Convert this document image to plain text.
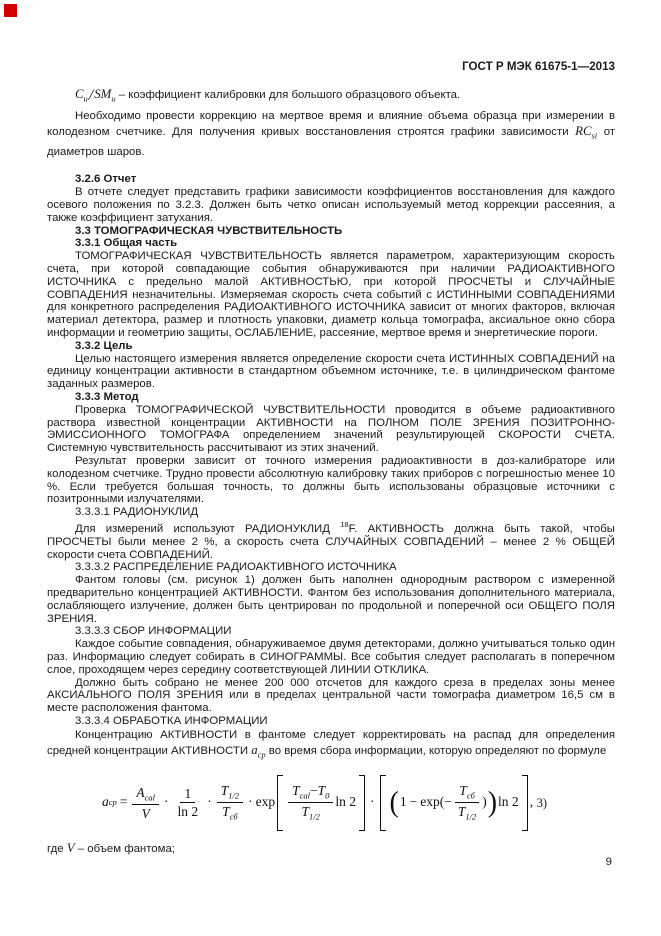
ГОСТ Р МЭК 61675-1—2013

$C_u/SM_u$ – коэффициент калибровки для большого образцового объекта.

Необходимо провести коррекцию на мертвое время и влияние объема образца при измерении в колодезном счетчике. Для получения кривых восстановления строятся графики зависимости $RC_{si}$ от диаметров шаров.

3.2.6 Отчет

В отчете следует представить графики зависимости коэффициентов восстановления для каждого осевого положения по 3.2.3. Должен быть четко описан используемый метод коррекции рассеяния, а также коэффициент затухания.

3.3 ТОМОГРАФИЧЕСКАЯ ЧУВСТВИТЕЛЬНОСТЬ

3.3.1 Общая часть

ТОМОГРАФИЧЕСКАЯ ЧУВСТВИТЕЛЬНОСТЬ является параметром, характеризующим скорость счета, при которой совпадающие события обнаруживаются при наличии РАДИОАКТИВНОГО ИСТОЧНИКА с предельно малой АКТИВНОСТЬЮ, при которой ПРОСЧЕТЫ и СЛУЧАЙНЫЕ СОВПАДЕНИЯ незначительны. Измеряемая скорость счета событий с ИСТИННЫМИ СОВПАДЕНИЯМИ для конкретного распределения РАДИОАКТИВНОГО ИСТОЧНИКА зависит от многих факторов, включая материал детектора, размер и плотность упаковки, диаметр кольца томографа, аксиальное окно сбора информации и геометрию защиты, ОСЛАБЛЕНИЕ, рассеяние, мертвое время и энергетические пороги.

3.3.2 Цель

Целью настоящего измерения является определение скорости счета ИСТИННЫХ СОВПАДЕНИЙ на единицу концентрации активности в стандартном объемном источнике, т.е. в цилиндрическом фантоме заданных размеров.

3.3.3 Метод

Проверка ТОМОГРАФИЧЕСКОЙ ЧУВСТВИТЕЛЬНОСТИ проводится в объеме радиоактивного раствора известной концентрации АКТИВНОСТИ на ПОЛНОМ ПОЛЕ ЗРЕНИЯ ПОЗИТРОННО-ЭМИССИОННОГО ТОМОГРАФА определением значений результирующей СКОРОСТИ СЧЕТА. Системную чувствительность рассчитывают из этих значений.

Результат проверки зависит от точного измерения радиоактивности в доз-калибраторе или колодезном счетчике. Трудно провести абсолютную калибровку таких приборов с погрешностью менее 10 %. Если требуется большая точность, то должны быть использованы образцовые источники с позитронными излучателями.

3.3.3.1 РАДИОНУКЛИД

Для измерений используют РАДИОНУКЛИД $^{18}$F. АКТИВНОСТЬ должна быть такой, чтобы ПРОСЧЕТЫ были менее 2 %, а скорость счета СЛУЧАЙНЫХ СОВПАДЕНИЙ – менее 2 % ОБЩЕЙ скорости счета СОВПАДЕНИЙ.

3.3.3.2 РАСПРЕДЕЛЕНИЕ РАДИОАКТИВНОГО ИСТОЧНИКА

Фантом головы (см. рисунок 1) должен быть наполнен однородным раствором с измеренной предварительно концентрацией АКТИВНОСТИ. Фантом без использования дополнительного материала, ослабляющего излучение, должен быть центрирован по продольной и поперечной оси ОБЩЕГО ПОЛЯ ЗРЕНИЯ.

3.3.3.3 СБОР ИНФОРМАЦИИ

Каждое событие совпадения, обнаруживаемое двумя детекторами, должно учитываться только один раз. Информацию следует собирать в СИНОГРАММЫ. Все события следует располагать в поперечном слое, проходящем через середину соответствующей ЛИНИИ ОТКЛИКА.

Должно быть собрано не менее 200 000 отсчетов для каждого среза в пределах зоны менее АКСИАЛЬНОГО ПОЛЯ ЗРЕНИЯ или в пределах центральной части томографа диаметром 16,5 см в месте расположения фантома.

3.3.3.4 ОБРАБОТКА ИНФОРМАЦИИ

Концентрацию АКТИВНОСТИ в фантоме следует корректировать на распад для определения средней концентрации АКТИВНОСТИ $a_{ср}$ во время сбора информации, которую определяют по формуле

a ср = $\frac{A_{cal}}{V} \cdot \frac{1}{\ln 2} \cdot \frac{T_{1/2}}{T_{сб}} \cdot \exp \frac{T_{cal}-T_0}{T_{1/2}}$ ln 2 · ( $1 - \exp(- \frac{T_{сб}}{T_{1/2}}$ ) ) ln 2 , 3)

где V – объем фантома;

9
